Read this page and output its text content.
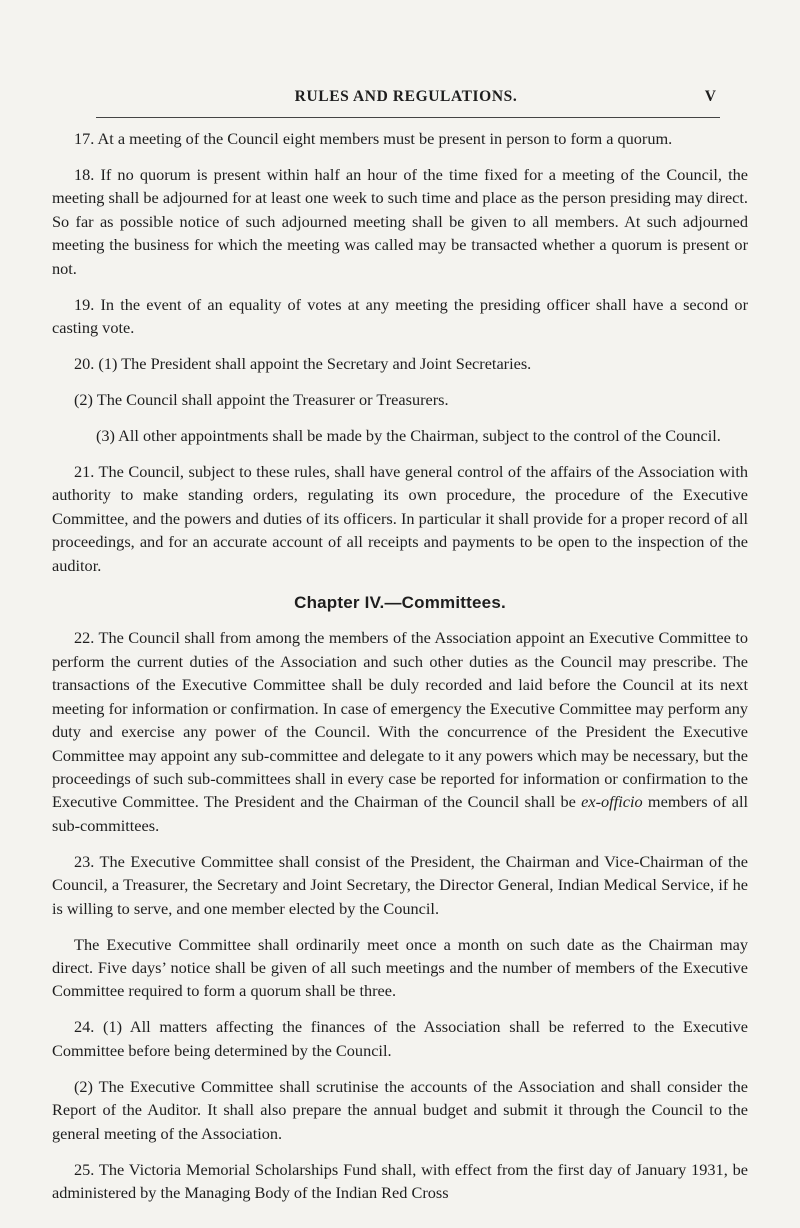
RULES AND REGULATIONS.	V

17. At a meeting of the Council eight members must be present in person to form a quorum.

18. If no quorum is present within half an hour of the time fixed for a meeting of the Council, the meeting shall be adjourned for at least one week to such time and place as the person presiding may direct. So far as possible notice of such adjourned meeting shall be given to all members. At such adjourned meeting the business for which the meeting was called may be transacted whether a quorum is present or not.

19. In the event of an equality of votes at any meeting the presiding officer shall have a second or casting vote.

20. (1) The President shall appoint the Secretary and Joint Secretaries.

(2) The Council shall appoint the Treasurer or Treasurers.

(3) All other appointments shall be made by the Chairman, subject to the control of the Council.

21. The Council, subject to these rules, shall have general control of the affairs of the Association with authority to make standing orders, regulating its own procedure, the procedure of the Executive Committee, and the powers and duties of its officers. In particular it shall provide for a proper record of all proceedings, and for an accurate account of all receipts and payments to be open to the inspection of the auditor.

Chapter IV.—Committees.

22. The Council shall from among the members of the Association appoint an Executive Committee to perform the current duties of the Association and such other duties as the Council may prescribe. The transactions of the Executive Committee shall be duly recorded and laid before the Council at its next meeting for information or confirmation. In case of emergency the Executive Committee may perform any duty and exercise any power of the Council. With the concurrence of the President the Executive Committee may appoint any sub-committee and delegate to it any powers which may be necessary, but the proceedings of such sub-committees shall in every case be reported for information or confirmation to the Executive Committee. The President and the Chairman of the Council shall be ex-officio members of all sub-committees.

23. The Executive Committee shall consist of the President, the Chairman and Vice-Chairman of the Council, a Treasurer, the Secretary and Joint Secretary, the Director General, Indian Medical Service, if he is willing to serve, and one member elected by the Council.

The Executive Committee shall ordinarily meet once a month on such date as the Chairman may direct. Five days’ notice shall be given of all such meetings and the number of members of the Executive Committee required to form a quorum shall be three.

24. (1) All matters affecting the finances of the Association shall be referred to the Executive Committee before being determined by the Council.

(2) The Executive Committee shall scrutinise the accounts of the Association and shall consider the Report of the Auditor. It shall also prepare the annual budget and submit it through the Council to the general meeting of the Association.

25. The Victoria Memorial Scholarships Fund shall, with effect from the first day of January 1931, be administered by the Managing Body of the Indian Red Cross
